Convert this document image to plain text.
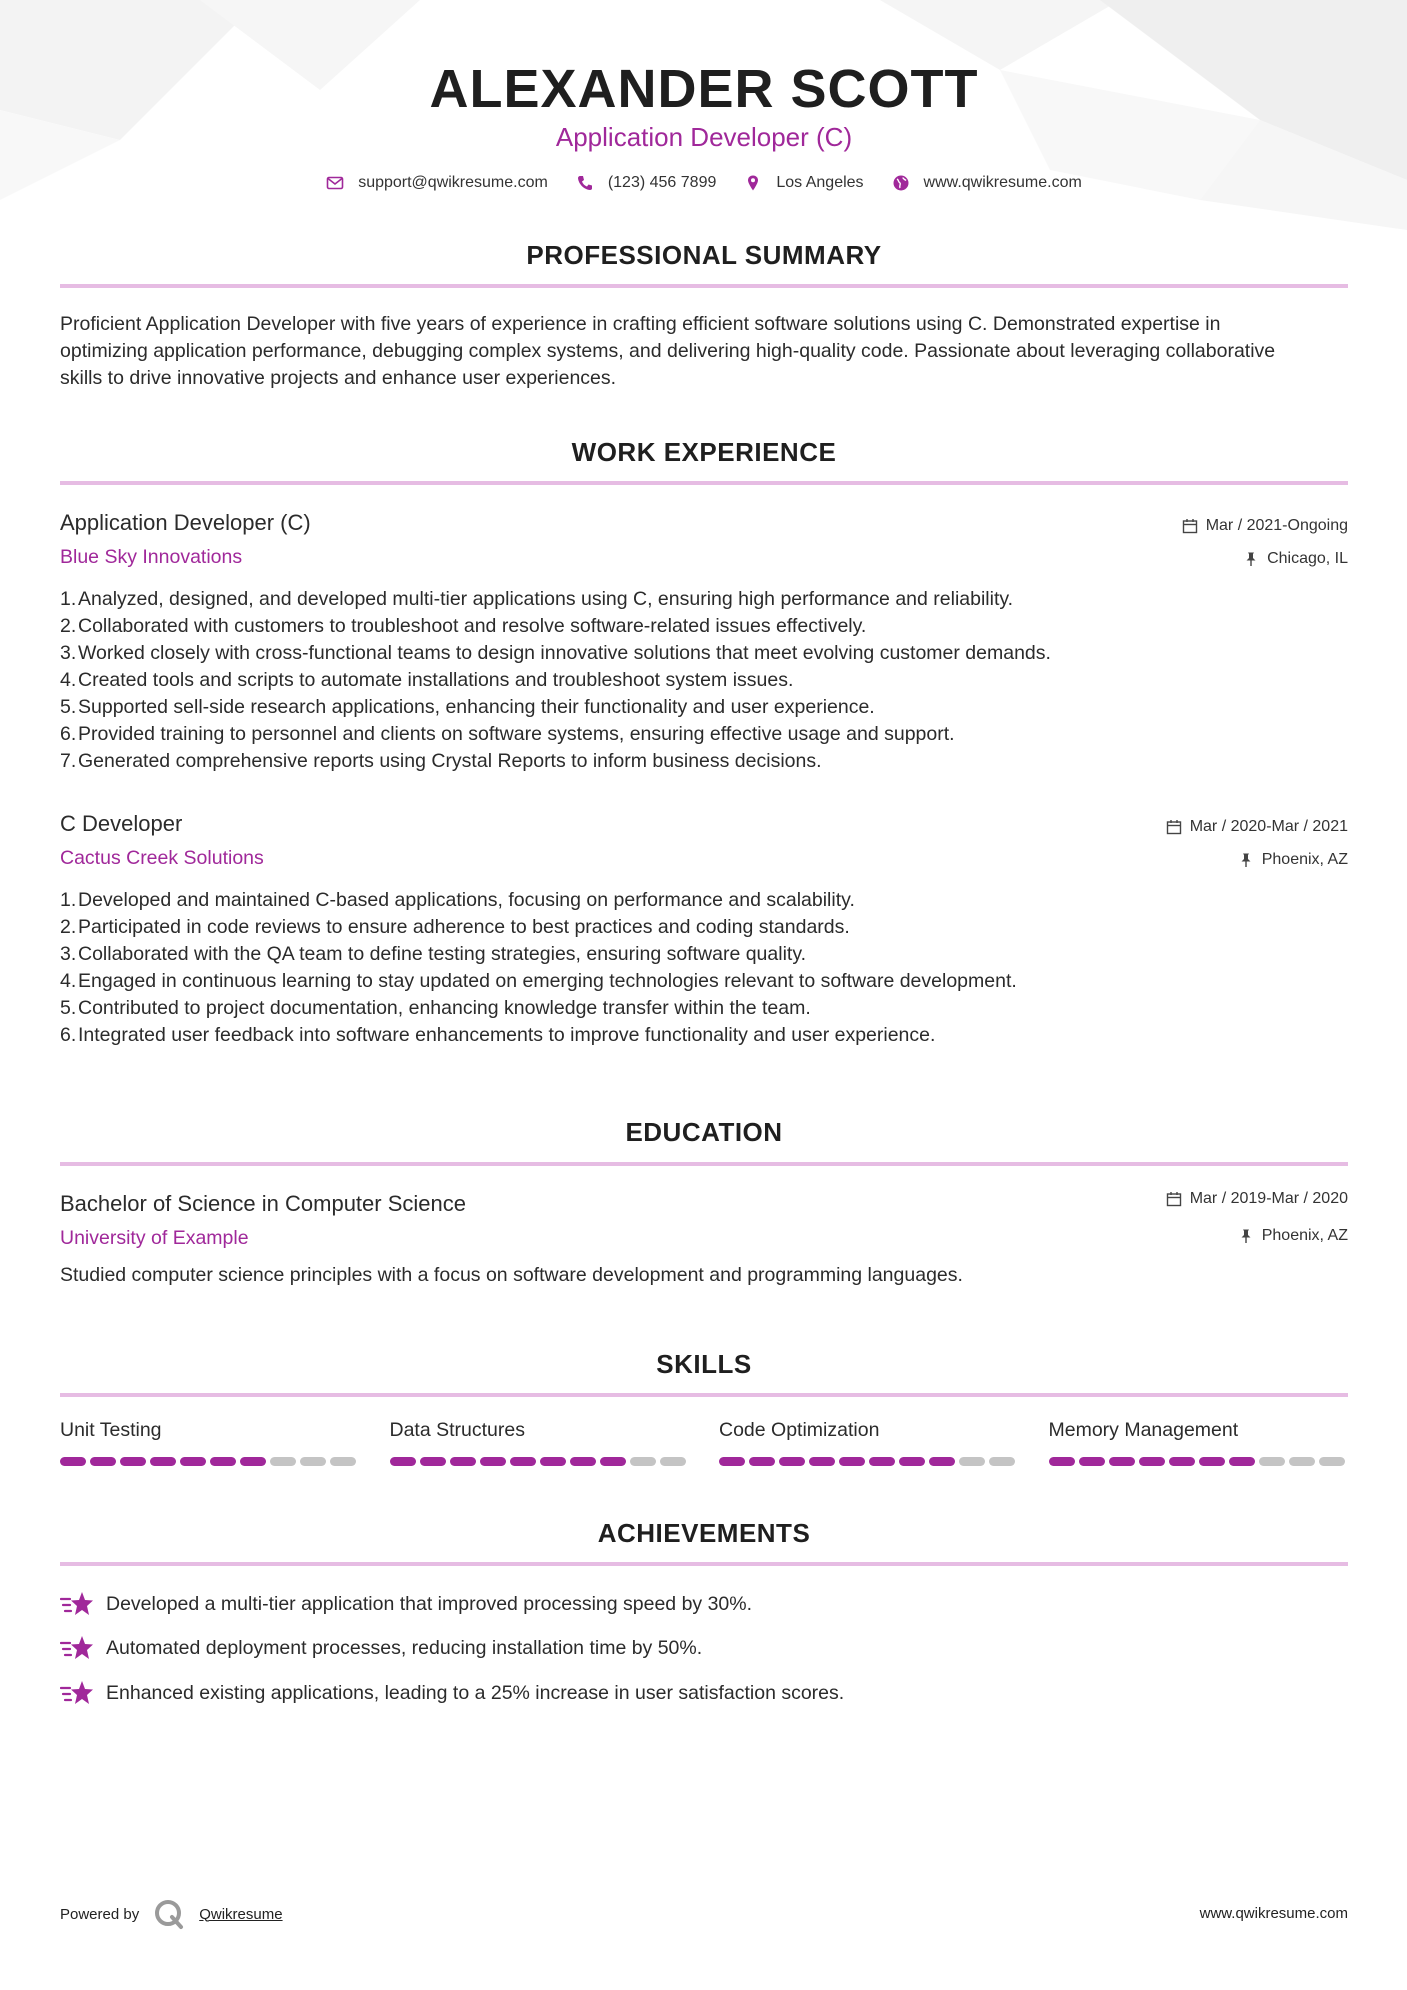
ALEXANDER SCOTT
Application Developer (C)
support@qwikresume.com	(123) 456 7899	Los Angeles	www.qwikresume.com
PROFESSIONAL SUMMARY
Proficient Application Developer with five years of experience in crafting efficient software solutions using C. Demonstrated expertise in
optimizing application performance, debugging complex systems, and delivering high-quality code. Passionate about leveraging collaborative
skills to drive innovative projects and enhance user experiences.
WORK EXPERIENCE
Application Developer (C)
Blue Sky Innovations
Mar / 2021-Ongoing
Chicago, IL
1. Analyzed, designed, and developed multi-tier applications using C, ensuring high performance and reliability.
2. Collaborated with customers to troubleshoot and resolve software-related issues effectively.
3. Worked closely with cross-functional teams to design innovative solutions that meet evolving customer demands.
4. Created tools and scripts to automate installations and troubleshoot system issues.
5. Supported sell-side research applications, enhancing their functionality and user experience.
6. Provided training to personnel and clients on software systems, ensuring effective usage and support.
7. Generated comprehensive reports using Crystal Reports to inform business decisions.
C Developer
Cactus Creek Solutions
Mar / 2020-Mar / 2021
Phoenix, AZ
1. Developed and maintained C-based applications, focusing on performance and scalability.
2. Participated in code reviews to ensure adherence to best practices and coding standards.
3. Collaborated with the QA team to define testing strategies, ensuring software quality.
4. Engaged in continuous learning to stay updated on emerging technologies relevant to software development.
5. Contributed to project documentation, enhancing knowledge transfer within the team.
6. Integrated user feedback into software enhancements to improve functionality and user experience.
EDUCATION
Bachelor of Science in Computer Science
University of Example
Mar / 2019-Mar / 2020
Phoenix, AZ
Studied computer science principles with a focus on software development and programming languages.
SKILLS
Unit Testing	Data Structures	Code Optimization	Memory Management
ACHIEVEMENTS
Developed a multi-tier application that improved processing speed by 30%.
Automated deployment processes, reducing installation time by 50%.
Enhanced existing applications, leading to a 25% increase in user satisfaction scores.
Powered by	Qwikresume	www.qwikresume.com
